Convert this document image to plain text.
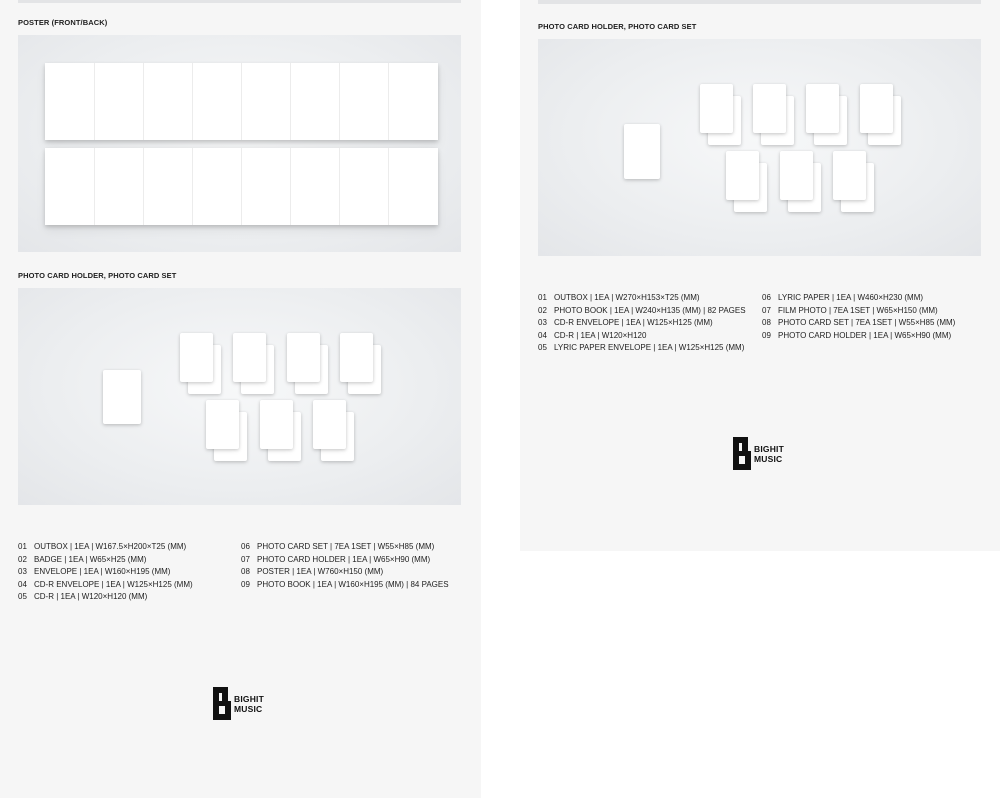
POSTER (FRONT/BACK)
PHOTO CARD HOLDER, PHOTO CARD SET
01 OUTBOX | 1EA | W167.5×H200×T25 (MM)
02 BADGE | 1EA | W65×H25 (MM)
03 ENVELOPE | 1EA | W160×H195 (MM)
04 CD-R ENVELOPE | 1EA | W125×H125 (MM)
05 CD-R | 1EA | W120×H120 (MM)
06 PHOTO CARD SET | 7EA 1SET | W55×H85 (MM)
07 PHOTO CARD HOLDER | 1EA | W65×H90 (MM)
08 POSTER | 1EA | W760×H150 (MM)
09 PHOTO BOOK | 1EA | W160×H195 (MM) | 84 PAGES
BIGHIT
MUSIC
PHOTO CARD HOLDER, PHOTO CARD SET
01 OUTBOX | 1EA | W270×H153×T25 (MM)
02 PHOTO BOOK | 1EA | W240×H135 (MM) | 82 PAGES
03 CD-R ENVELOPE | 1EA | W125×H125 (MM)
04 CD-R | 1EA | W120×H120
05 LYRIC PAPER ENVELOPE | 1EA | W125×H125 (MM)
06 LYRIC PAPER | 1EA | W460×H230 (MM)
07 FILM PHOTO | 7EA 1SET | W65×H150 (MM)
08 PHOTO CARD SET | 7EA 1SET | W55×H85 (MM)
09 PHOTO CARD HOLDER | 1EA | W65×H90 (MM)
BIGHIT
MUSIC
